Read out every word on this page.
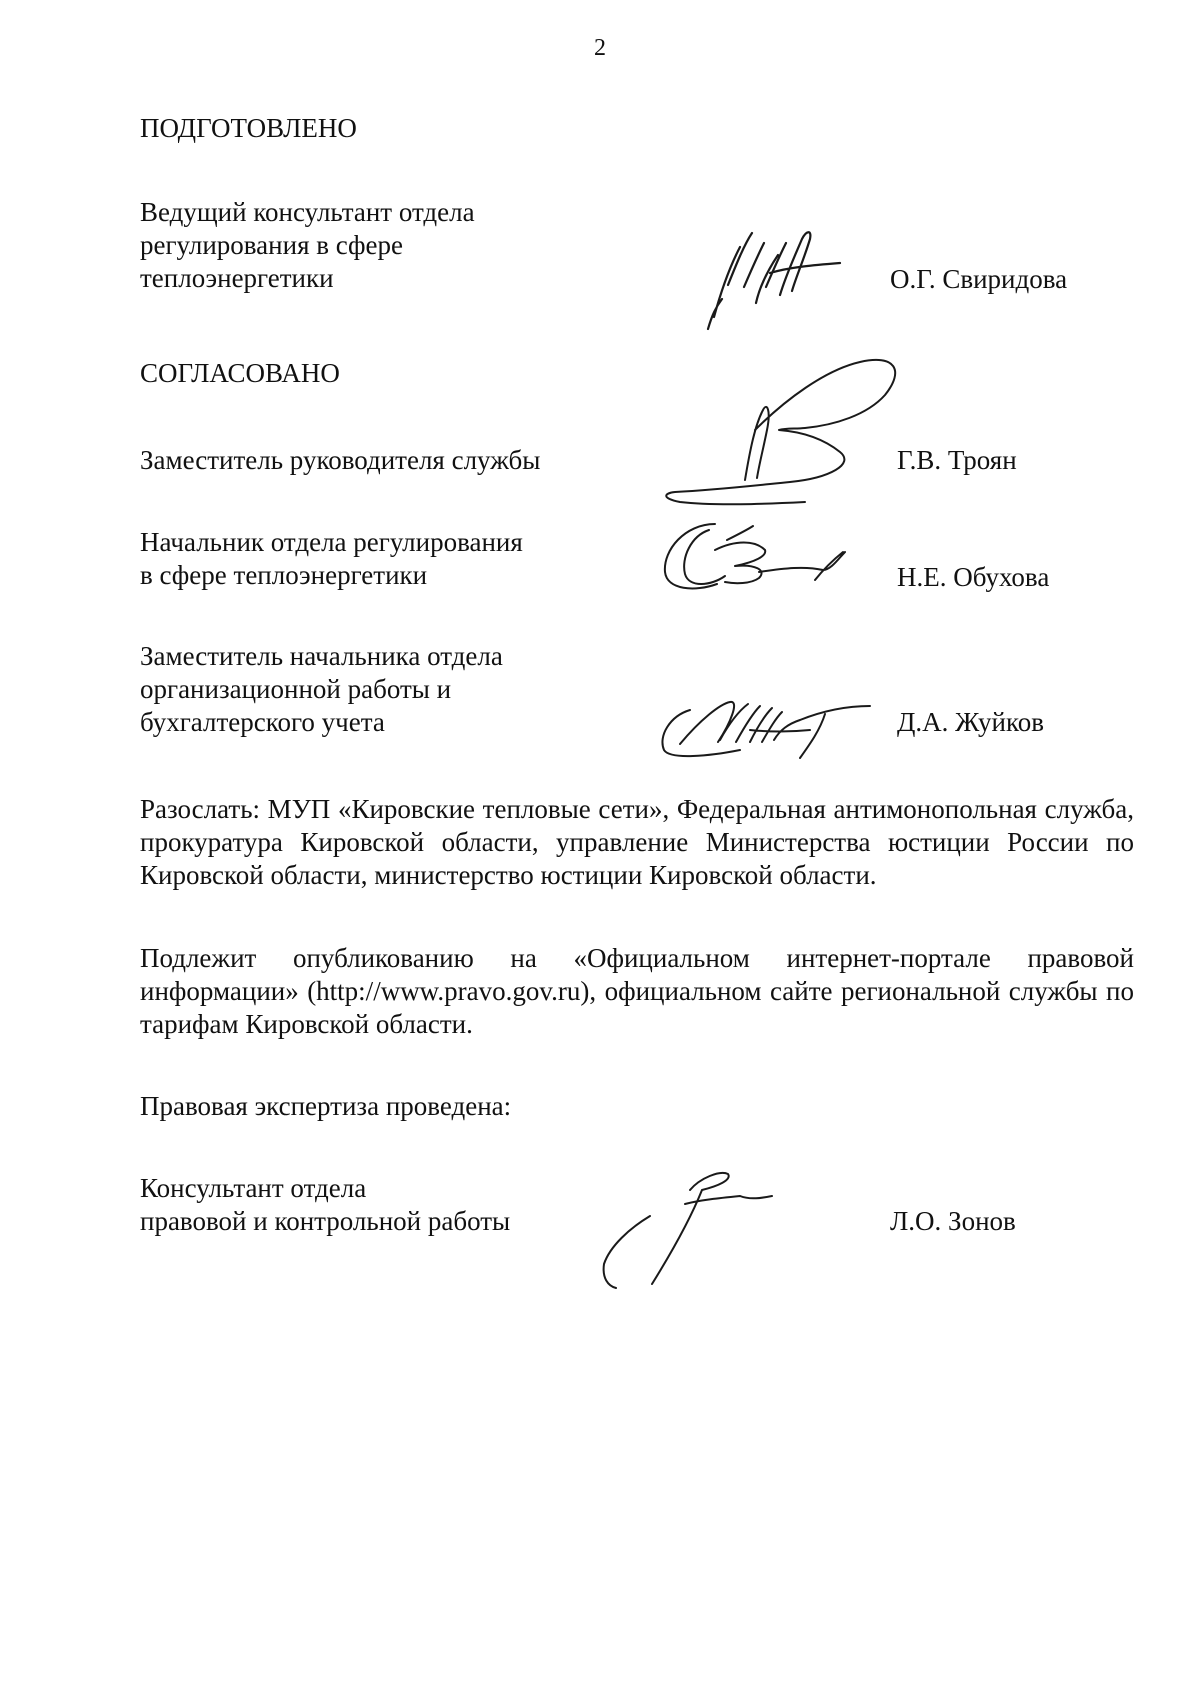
2
ПОДГОТОВЛЕНО
Ведущий консультант отдела
регулирования в сфере
теплоэнергетики	О.Г. Свиридова
СОГЛАСОВАНО
Заместитель руководителя службы	Г.В. Троян
Начальник отдела регулирования
в сфере теплоэнергетики	Н.Е. Обухова
Заместитель начальника отдела
организационной работы и
бухгалтерского учета	Д.А. Жуйков
Разослать: МУП «Кировские тепловые сети», Федеральная антимонопольная служба, прокуратура Кировской области, управление Министерства юстиции России по Кировской области, министерство юстиции Кировской области.
Подлежит опубликованию на «Официальном интернет-портале правовой информации» (http://www.pravo.gov.ru), официальном сайте региональной службы по тарифам Кировской области.
Правовая экспертиза проведена:
Консультант отдела
правовой и контрольной работы	Л.О. Зонов
